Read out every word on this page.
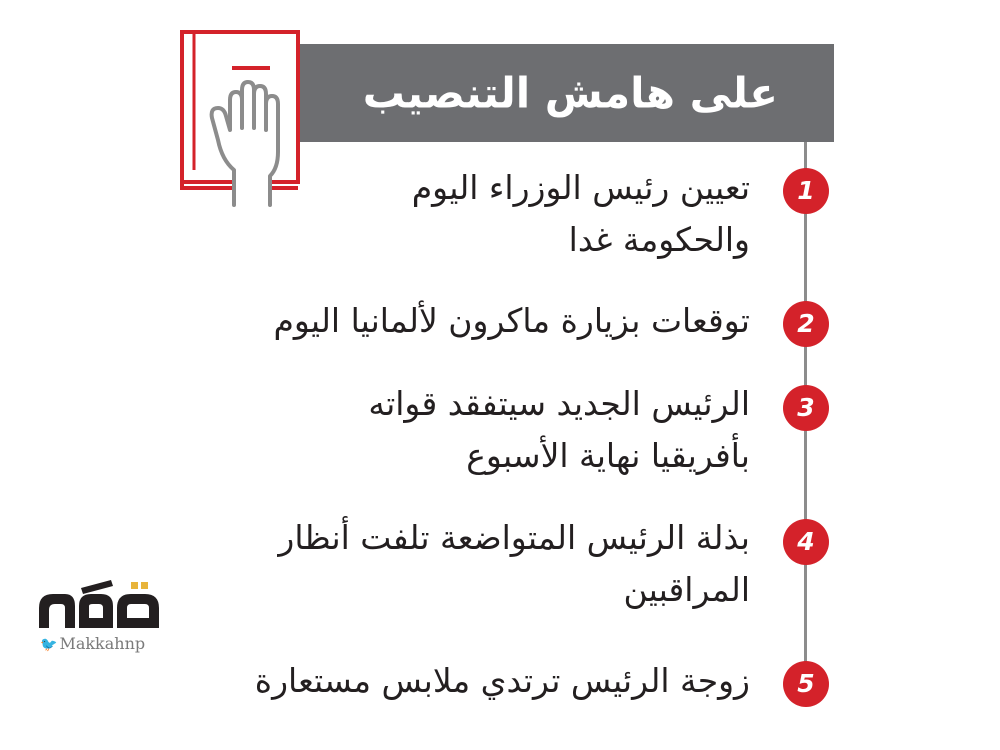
على هامش التنصيب
1
تعيين رئيس الوزراء اليوم
والحكومة غدا
2
توقعات بزيارة ماكرون لألمانيا اليوم
3
الرئيس الجديد سيتفقد قواته
بأفريقيا نهاية الأسبوع
4
بذلة الرئيس المتواضعة تلفت أنظار
المراقبين
5
زوجة الرئيس ترتدي ملابس مستعارة
🐦 Makkahnp
